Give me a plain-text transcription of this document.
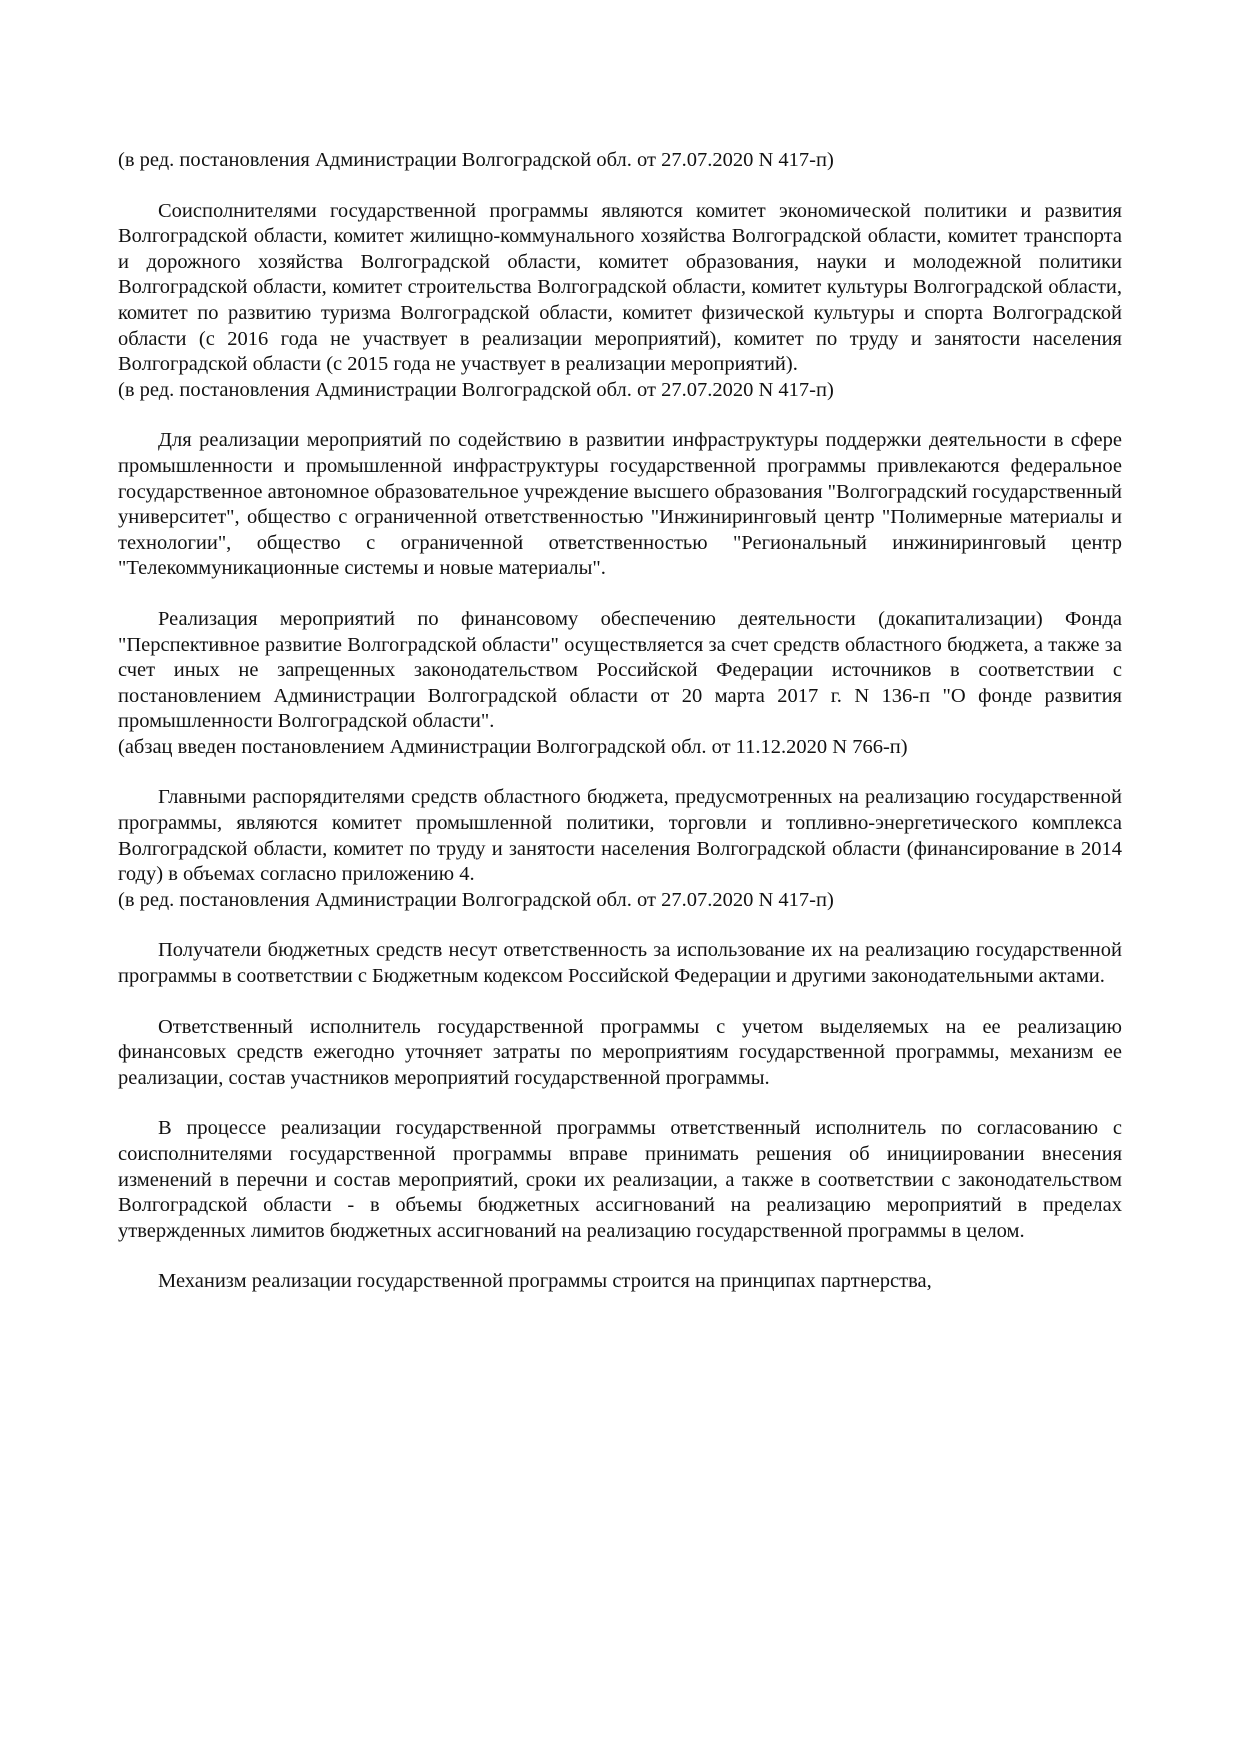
(в ред. постановления Администрации Волгоградской обл. от 27.07.2020 N 417-п)

Соисполнителями государственной программы являются комитет экономической политики и развития Волгоградской области, комитет жилищно-коммунального хозяйства Волгоградской области, комитет транспорта и дорожного хозяйства Волгоградской области, комитет образования, науки и молодежной политики Волгоградской области, комитет строительства Волгоградской области, комитет культуры Волгоградской области, комитет по развитию туризма Волгоградской области, комитет физической культуры и спорта Волгоградской области (с 2016 года не участвует в реализации мероприятий), комитет по труду и занятости населения Волгоградской области (с 2015 года не участвует в реализации мероприятий).

(в ред. постановления Администрации Волгоградской обл. от 27.07.2020 N 417-п)

Для реализации мероприятий по содействию в развитии инфраструктуры поддержки деятельности в сфере промышленности и промышленной инфраструктуры государственной программы привлекаются федеральное государственное автономное образовательное учреждение высшего образования "Волгоградский государственный университет", общество с ограниченной ответственностью "Инжиниринговый центр "Полимерные материалы и технологии", общество с ограниченной ответственностью "Региональный инжиниринговый центр "Телекоммуникационные системы и новые материалы".

Реализация мероприятий по финансовому обеспечению деятельности (докапитализации) Фонда "Перспективное развитие Волгоградской области" осуществляется за счет средств областного бюджета, а также за счет иных не запрещенных законодательством Российской Федерации источников в соответствии с постановлением Администрации Волгоградской области от 20 марта 2017 г. N 136-п "О фонде развития промышленности Волгоградской области".

(абзац введен постановлением Администрации Волгоградской обл. от 11.12.2020 N 766-п)

Главными распорядителями средств областного бюджета, предусмотренных на реализацию государственной программы, являются комитет промышленной политики, торговли и топливно-энергетического комплекса Волгоградской области, комитет по труду и занятости населения Волгоградской области (финансирование в 2014 году) в объемах согласно приложению 4.

(в ред. постановления Администрации Волгоградской обл. от 27.07.2020 N 417-п)

Получатели бюджетных средств несут ответственность за использование их на реализацию государственной программы в соответствии с Бюджетным кодексом Российской Федерации и другими законодательными актами.

Ответственный исполнитель государственной программы с учетом выделяемых на ее реализацию финансовых средств ежегодно уточняет затраты по мероприятиям государственной программы, механизм ее реализации, состав участников мероприятий государственной программы.

В процессе реализации государственной программы ответственный исполнитель по согласованию с соисполнителями государственной программы вправе принимать решения об инициировании внесения изменений в перечни и состав мероприятий, сроки их реализации, а также в соответствии с законодательством Волгоградской области - в объемы бюджетных ассигнований на реализацию мероприятий в пределах утвержденных лимитов бюджетных ассигнований на реализацию государственной программы в целом.

Механизм реализации государственной программы строится на принципах партнерства,
